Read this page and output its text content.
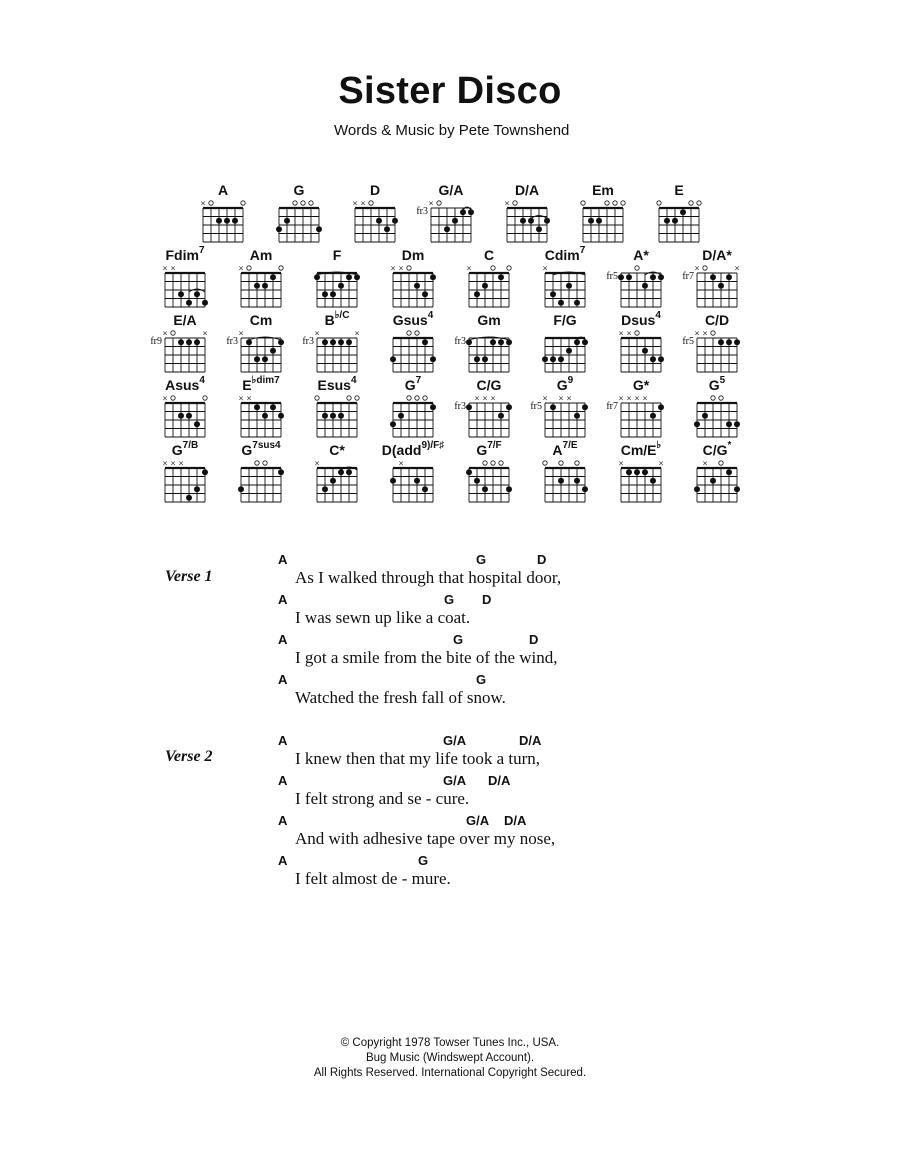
Sister Disco
Words & Music by Pete Townshend
A
×
G	D
× ×
G/A
fr3
×
D/A
×
Em	E
Fdim$^7$
× ×
Am
×
F	Dm
× ×
C
×
Cdim$^7$
×
A*
fr5
D/A*
fr7
×	×
E/A
fr9
×	×
Cm
fr3
×
$B^{♭/C}$
fr3
×	×
Gsus$^4$	Gm
fr3
F/G	Dsus$^4$
× ×
C/D
fr5
× ×
Asus$^4$
×
$E^{♭dim7}$
× ×
Esus$^4$	$G^7$	C/G
fr3
× × ×
$G^9$
fr5
× × ×
G*
fr7
× × × ×
$G^5$
$G^{7/B}$
× × ×
$G^{7sus4}$	C*
×
D(add$^{9)/F♯}$
×
$G^{7/F}$	$A^{7/E}$	Cm/E♭
×	×
C/G*
×
Verse 1
A	G	D
As I walked through that hospital door,
A	G D
I was sewn up like a coat.
A	G	D
I got a smile from the bite of the wind,
A	G
Watched the fresh fall of snow.
Verse 2
A	G/A	D/A
I knew then that my life took a turn,
A	G/A D/A
I felt strong and se - cure.
A	G/A D/A
And with adhesive tape over my nose,
A	G
I felt almost de - mure.
© Copyright 1978 Towser Tunes Inc., USA.
Bug Music (Windswept Account).
All Rights Reserved. International Copyright Secured.
